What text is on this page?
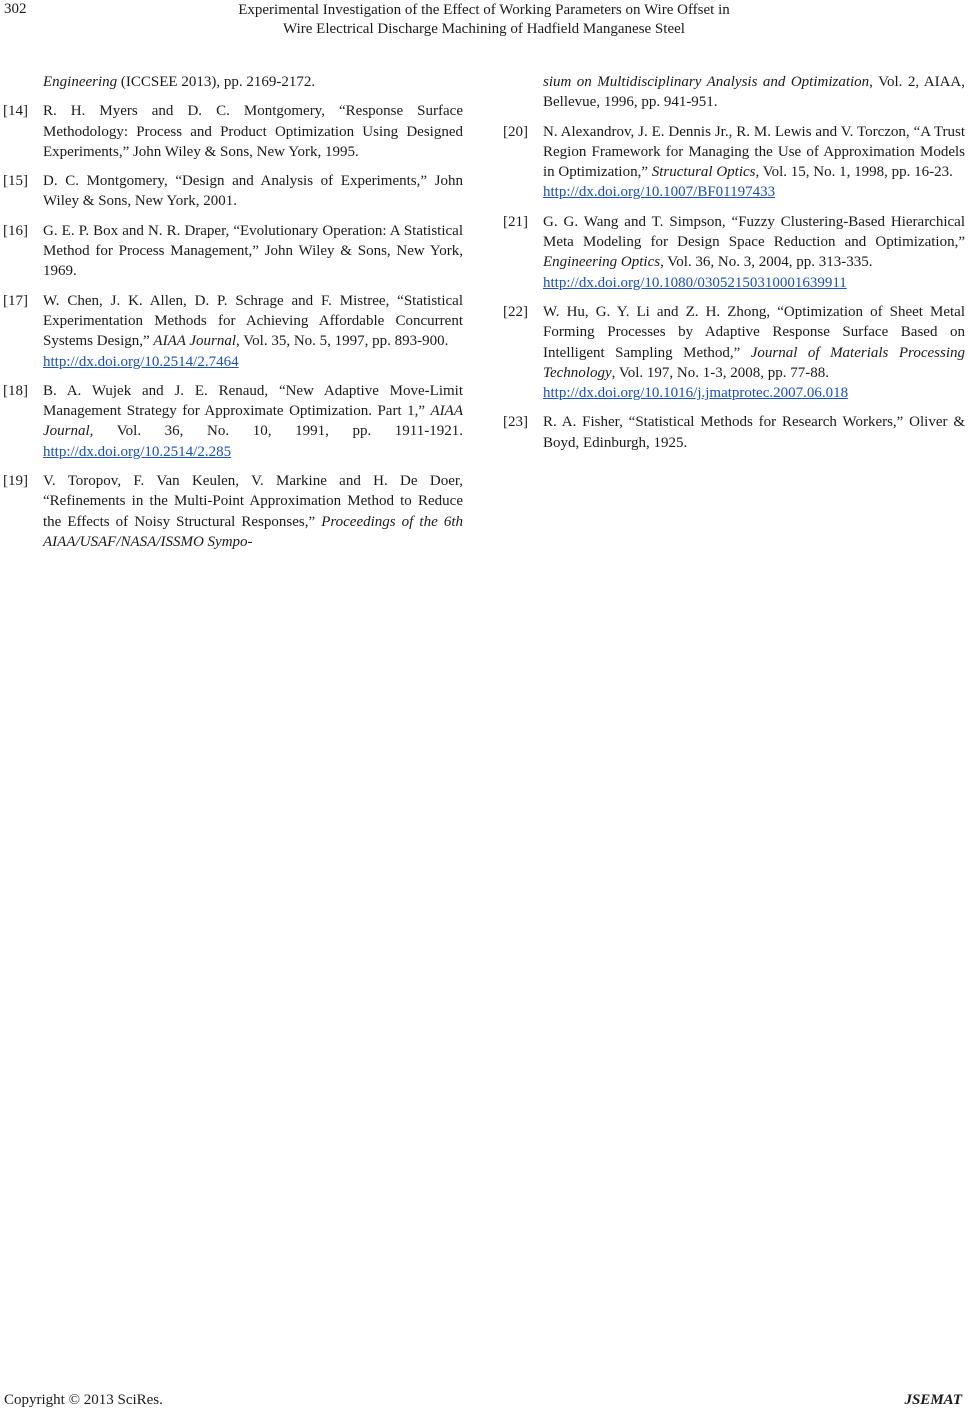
302	Experimental Investigation of the Effect of Working Parameters on Wire Offset in
Wire Electrical Discharge Machining of Hadfield Manganese Steel
Engineering (ICCSEE 2013), pp. 2169-2172.
[14]	R. H. Myers and D. C. Montgomery, “Response Surface Methodology: Process and Product Optimization Using Designed Experiments,” John Wiley & Sons, New York, 1995.
[15]	D. C. Montgomery, “Design and Analysis of Experiments,” John Wiley & Sons, New York, 2001.
[16]	G. E. P. Box and N. R. Draper, “Evolutionary Operation: A Statistical Method for Process Management,” John Wiley & Sons, New York, 1969.
[17]	W. Chen, J. K. Allen, D. P. Schrage and F. Mistree, “Statistical Experimentation Methods for Achieving Affordable Concurrent Systems Design,” AIAA Journal, Vol. 35, No. 5, 1997, pp. 893-900.
http://dx.doi.org/10.2514/2.7464
[18]	B. A. Wujek and J. E. Renaud, “New Adaptive Move-Limit Management Strategy for Approximate Optimization. Part 1,” AIAA Journal, Vol. 36, No. 10, 1991, pp. 1911-1921. http://dx.doi.org/10.2514/2.285
[19]	V. Toropov, F. Van Keulen, V. Markine and H. De Doer, “Refinements in the Multi-Point Approximation Method to Reduce the Effects of Noisy Structural Responses,” Proceedings of the 6th AIAA/USAF/NASA/ISSMO Sympo-
sium on Multidisciplinary Analysis and Optimization, Vol. 2, AIAA, Bellevue, 1996, pp. 941-951.
[20]	N. Alexandrov, J. E. Dennis Jr., R. M. Lewis and V. Torczon, “A Trust Region Framework for Managing the Use of Approximation Models in Optimization,” Structural Optics, Vol. 15, No. 1, 1998, pp. 16-23.
http://dx.doi.org/10.1007/BF01197433
[21]	G. G. Wang and T. Simpson, “Fuzzy Clustering-Based Hierarchical Meta Modeling for Design Space Reduction and Optimization,” Engineering Optics, Vol. 36, No. 3, 2004, pp. 313-335.
http://dx.doi.org/10.1080/03052150310001639911
[22]	W. Hu, G. Y. Li and Z. H. Zhong, “Optimization of Sheet Metal Forming Processes by Adaptive Response Surface Based on Intelligent Sampling Method,” Journal of Materials Processing Technology, Vol. 197, No. 1-3, 2008, pp. 77-88.
http://dx.doi.org/10.1016/j.jmatprotec.2007.06.018
[23]	R. A. Fisher, “Statistical Methods for Research Workers,” Oliver & Boyd, Edinburgh, 1925.
Copyright © 2013 SciRes.	JSEMAT
